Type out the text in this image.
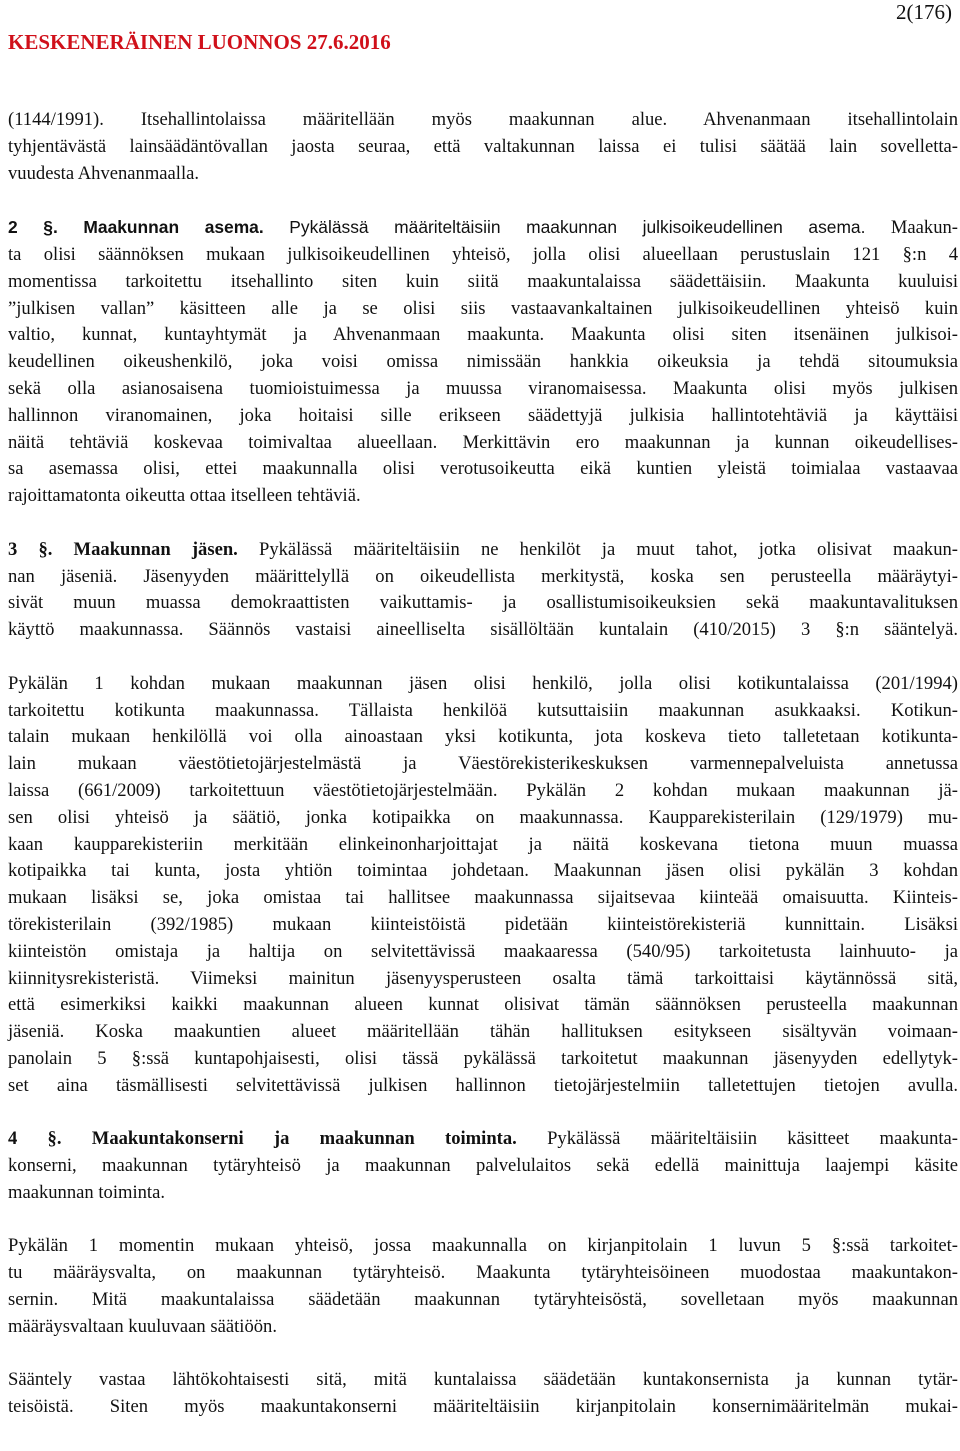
KESKENERÄINEN LUONNOS 27.6.2016
2(176)
(1144/1991). Itsehallintolaissa määritellään myös maakunnan alue. Ahvenanmaan itsehallintolain
tyhjentävästä lainsäädäntövallan jaosta seuraa, että valtakunnan laissa ei tulisi säätää lain sovelletta-
vuudesta Ahvenanmaalla.
2 §. Maakunnan asema. Pykälässä määriteltäisiin maakunnan julkisoikeudellinen asema. Maakun-
ta olisi säännöksen mukaan julkisoikeudellinen yhteisö, jolla olisi alueellaan perustuslain 121 §:n 4
momentissa tarkoitettu itsehallinto siten kuin siitä maakuntalaissa säädettäisiin. Maakunta kuuluisi
”julkisen vallan” käsitteen alle ja se olisi siis vastaavankaltainen julkisoikeudellinen yhteisö kuin
valtio, kunnat, kuntayhtymät ja Ahvenanmaan maakunta. Maakunta olisi siten itsenäinen julkisoi-
keudellinen oikeushenkilö, joka voisi omissa nimissään hankkia oikeuksia ja tehdä sitoumuksia
sekä olla asianosaisena tuomioistuimessa ja muussa viranomaisessa. Maakunta olisi myös julkisen
hallinnon viranomainen, joka hoitaisi sille erikseen säädettyjä julkisia hallintotehtäviä ja käyttäisi
näitä tehtäviä koskevaa toimivaltaa alueellaan. Merkittävin ero maakunnan ja kunnan oikeudellises-
sa asemassa olisi, ettei maakunnalla olisi verotusoikeutta eikä kuntien yleistä toimialaa vastaavaa
rajoittamatonta oikeutta ottaa itselleen tehtäviä.
3 §. Maakunnan jäsen. Pykälässä määriteltäisiin ne henkilöt ja muut tahot, jotka olisivat maakun-
nan jäseniä. Jäsenyyden määrittelyllä on oikeudellista merkitystä, koska sen perusteella määräytyi-
sivät muun muassa demokraattisten vaikuttamis- ja osallistumisoikeuksien sekä maakuntavalituksen
käyttö maakunnassa. Säännös vastaisi aineelliselta sisällöltään kuntalain (410/2015) 3 §:n sääntelyä.
Pykälän 1 kohdan mukaan maakunnan jäsen olisi henkilö, jolla olisi kotikuntalaissa (201/1994)
tarkoitettu kotikunta maakunnassa. Tällaista henkilöä kutsuttaisiin maakunnan asukkaaksi. Kotikun-
talain mukaan henkilöllä voi olla ainoastaan yksi kotikunta, jota koskeva tieto talletetaan kotikunta-
lain mukaan väestötietojärjestelmästä ja Väestörekisterikeskuksen varmennepalveluista annetussa
laissa (661/2009) tarkoitettuun väestötietojärjestelmään. Pykälän 2 kohdan mukaan maakunnan jä-
sen olisi yhteisö ja säätiö, jonka kotipaikka on maakunnassa. Kaupparekisterilain (129/1979) mu-
kaan kaupparekisteriin merkitään elinkeinonharjoittajat ja näitä koskevana tietona muun muassa
kotipaikka tai kunta, josta yhtiön toimintaa johdetaan. Maakunnan jäsen olisi pykälän 3 kohdan
mukaan lisäksi se, joka omistaa tai hallitsee maakunnassa sijaitsevaa kiinteää omaisuutta. Kiinteis-
törekisterilain (392/1985) mukaan kiinteistöistä pidetään kiinteistörekisteriä kunnittain. Lisäksi
kiinteistön omistaja ja haltija on selvitettävissä maakaaressa (540/95) tarkoitetusta lainhuuto- ja
kiinnitysrekisteristä. Viimeksi mainitun jäsenyysperusteen osalta tämä tarkoittaisi käytännössä sitä,
että esimerkiksi kaikki maakunnan alueen kunnat olisivat tämän säännöksen perusteella maakunnan
jäseniä. Koska maakuntien alueet määritellään tähän hallituksen esitykseen sisältyvän voimaan-
panolain 5 §:ssä kuntapohjaisesti, olisi tässä pykälässä tarkoitetut maakunnan jäsenyyden edellytyk-
set aina täsmällisesti selvitettävissä julkisen hallinnon tietojärjestelmiin talletettujen tietojen avulla.
4 §. Maakuntakonserni ja maakunnan toiminta. Pykälässä määriteltäisiin käsitteet maakunta-
konserni, maakunnan tytäryhteisö ja maakunnan palvelulaitos sekä edellä mainittuja laajempi käsite
maakunnan toiminta.
Pykälän 1 momentin mukaan yhteisö, jossa maakunnalla on kirjanpitolain 1 luvun 5 §:ssä tarkoitet-
tu määräysvalta, on maakunnan tytäryhteisö. Maakunta tytäryhteisöineen muodostaa maakuntakon-
sernin. Mitä maakuntalaissa säädetään maakunnan tytäryhteisöstä, sovelletaan myös maakunnan
määräysvaltaan kuuluvaan säätiöön.
Sääntely vastaa lähtökohtaisesti sitä, mitä kuntalaissa säädetään kuntakonsernista ja kunnan tytär-
teisöistä. Siten myös maakuntakonserni määriteltäisiin kirjanpitolain konsernimääritelmän mukai-
